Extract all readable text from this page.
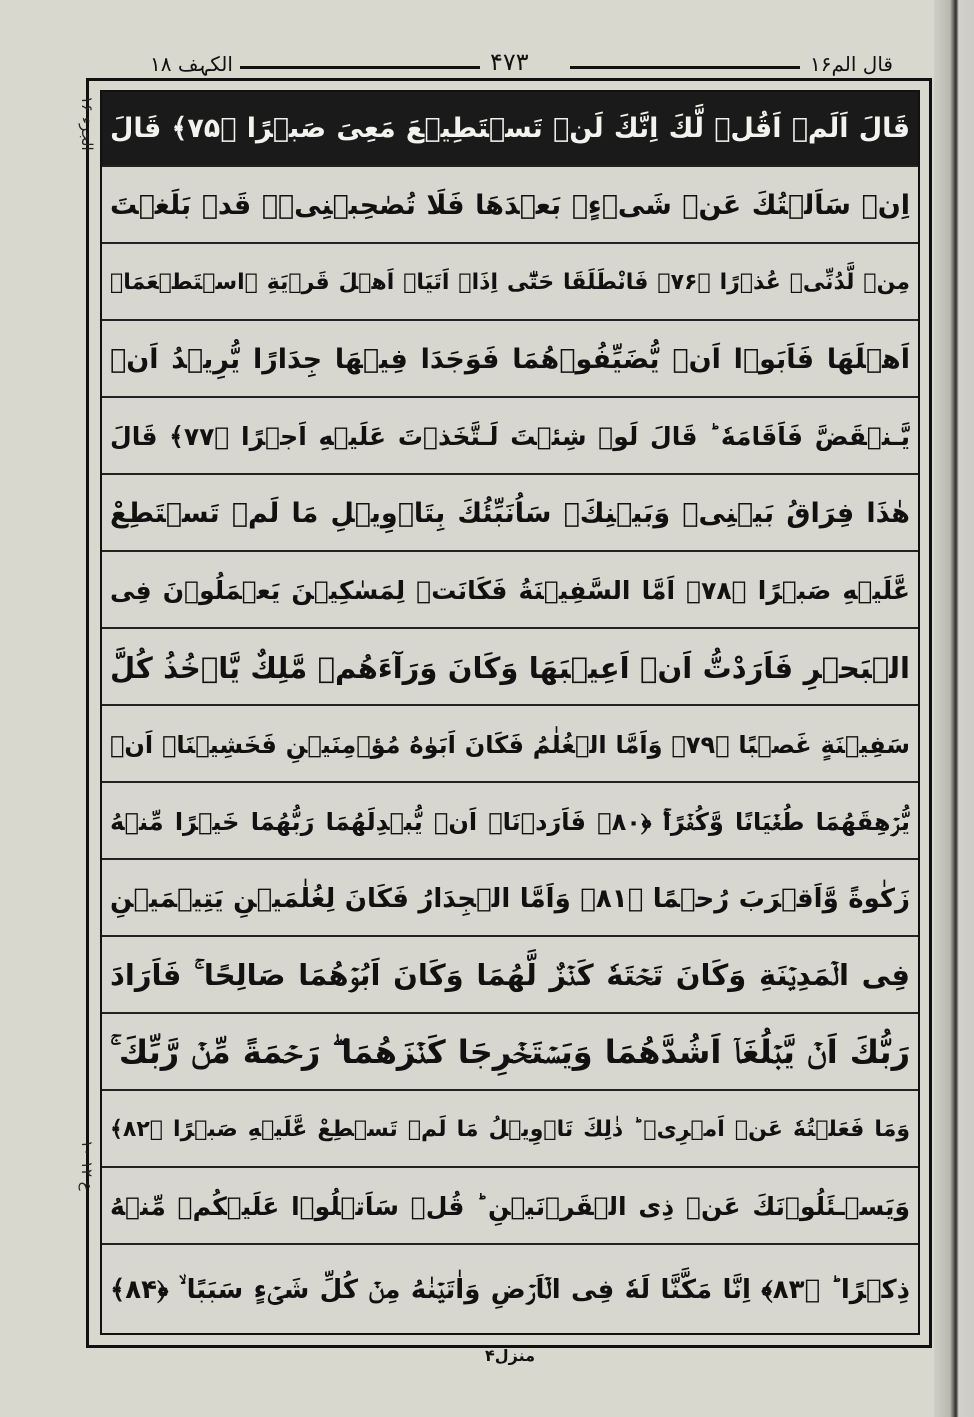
الکہف ۱۸	۴۷۳	قال الم۱۶
الجزء ۱۶
۱۰ ع ۱۲
قَالَ اَلَمۡ اَقُلۡ لَّكَ اِنَّكَ لَنۡ تَسۡتَطِيۡعَ مَعِىَ صَبۡرًا ﴿۷۵﴾ قَالَ
اِنۡ سَاَلۡتُكَ عَنۡ شَىۡءٍۢ بَعۡدَهَا فَلَا تُصٰحِبۡنِىۡ‌ۚ قَدۡ بَلَغۡتَ
مِنۡ لَّدُنِّىۡ عُذۡرًا‏ ﴿۷۶﴾ فَانْطَلَقَا حَتّٰٓى اِذَاۤ اَتَيَاۤ اَهۡلَ قَرۡيَةِ ۨاسۡتَطۡعَمَاۤ
اَهۡلَهَا فَاَبَوۡا اَنۡ يُّضَيِّفُوۡهُمَا فَوَجَدَا فِيۡهَا جِدَارًا يُّرِيۡدُ اَنۡ
يَّـنۡقَضَّ فَاَقَامَهٗ‌ ؕ قَالَ لَوۡ شِئۡتَ لَـتَّخَذۡتَ عَلَيۡهِ اَجۡرًا ﴿۷۷﴾ قَالَ
هٰذَا فِرَاقُ بَيۡنِىۡ وَبَيۡنِكَ‌ۚ سَاُنَبِّئُكَ بِتَاۡوِيۡلِ مَا لَمۡ تَسۡتَطِعْ
عَّلَيۡهِ صَبۡرًا ﴿۷۸﴾ اَمَّا السَّفِيۡنَةُ فَكَانَتۡ لِمَسٰكِيۡنَ يَعۡمَلُوۡنَ فِى
الۡبَحۡرِ فَاَرَدْتُّ اَنۡ اَعِيۡبَهَا وَكَانَ وَرَآءَهُمۡ مَّلِكٌ يَّاۡخُذُ كُلَّ
سَفِيۡنَةٍ غَصۡبًا‏ ﴿۷۹﴾ وَاَمَّا الۡغُلٰمُ فَكَانَ اَبَوٰهُ مُؤۡمِنَيۡنِ فَخَشِيۡنَاۤ اَنۡ
يُّرۡهِقَهُمَا طُغۡيَانًا وَّكُفۡرًا‌ۚ ﴿۸۰﴾ فَاَرَدۡنَاۤ اَنۡ يُّبۡدِلَهُمَا رَبُّهُمَا خَيۡرًا مِّنۡهُ
زَكٰوةً وَّاَقۡرَبَ رُحۡمًا‏ ﴿۸۱﴾ وَاَمَّا الۡجِدَارُ فَكَانَ لِغُلٰمَيۡنِ يَتِيۡمَيۡنِ
فِى الۡمَدِيۡنَةِ وَكَانَ تَحۡتَهٗ كَنۡزٌ لَّهُمَا وَكَانَ اَبُوۡهُمَا صَالِحًا‌ ۚ فَاَرَادَ
رَبُّكَ اَنۡ يَّبۡلُغَاۤ اَشُدَّهُمَا وَيَسۡتَخۡرِجَا كَنۡزَهُمَا ۖ رَحۡمَةً مِّنۡ رَّبِّكَ‌ ۚ
وَمَا فَعَلۡتُهٗ عَنۡ اَمۡرِىۡ‌ ؕ ذٰلِكَ تَاۡوِيۡلُ مَا لَمۡ تَسۡطِعْ عَّلَيۡهِ صَبۡرًا ﴿۸۲﴾
وَيَسۡـئَلُوۡنَكَ عَنۡ ذِى الۡقَرۡنَيۡنِ‌ ؕ قُلۡ سَاَتۡلُوۡا عَلَيۡكُمۡ مِّنۡهُ
ذِكۡرًا ؕ‏ ﴿۸۳﴾ اِنَّا مَكَّنَّا لَهٗ فِى الۡاَرۡضِ وَاٰتَيۡنٰهُ مِنۡ كُلِّ شَىۡءٍ سَبَبًا ۙ‏ ﴿۸۴﴾
منزل۴
